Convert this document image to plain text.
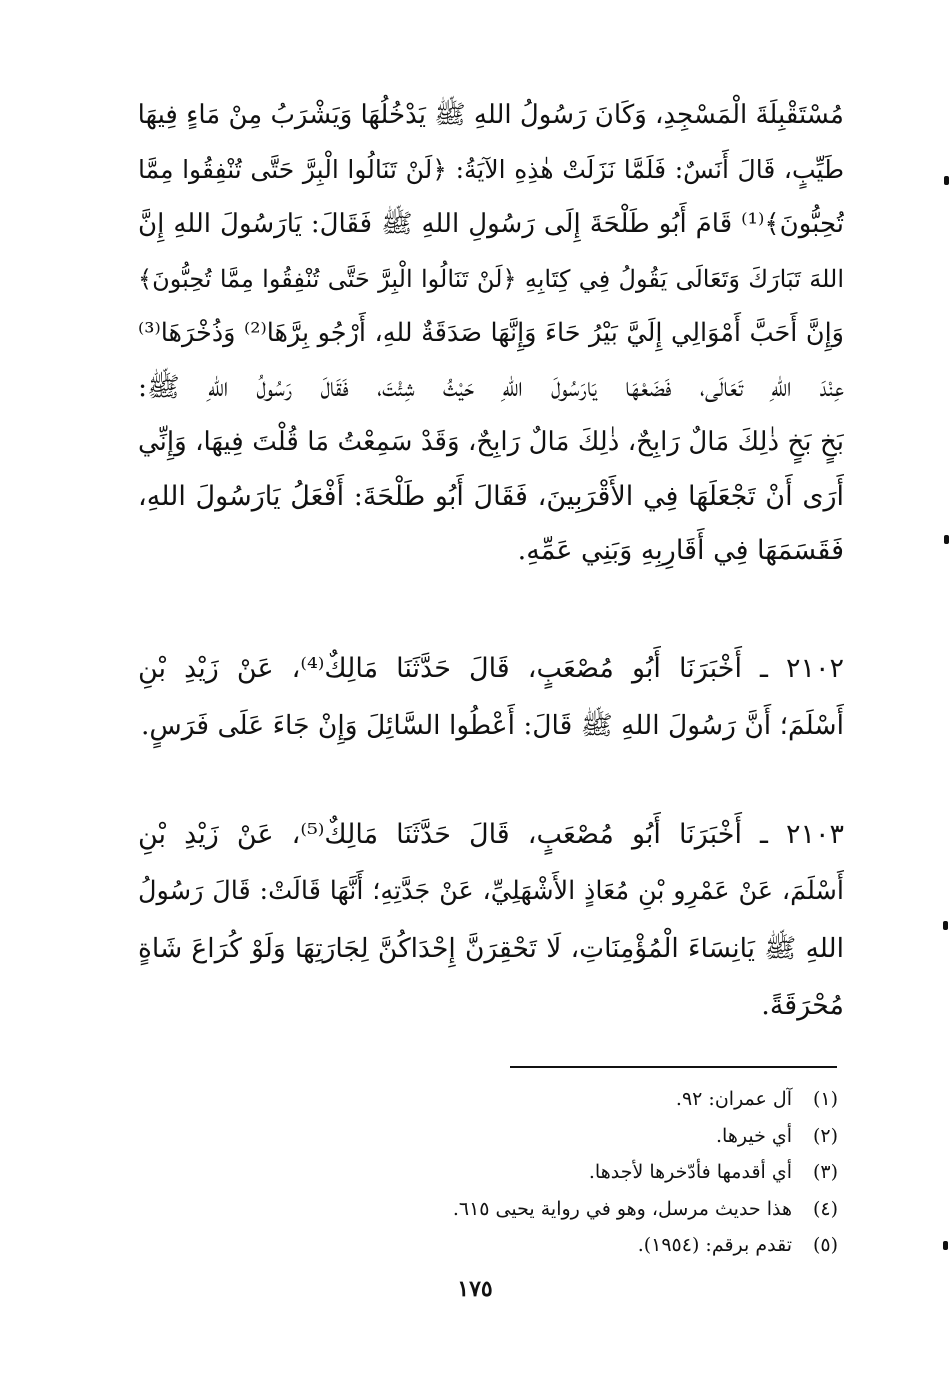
مُسْتَقْبِلَةَ الْمَسْجِدِ، وَكَانَ رَسُولُ اللهِ ﷺ يَدْخُلُهَا وَيَشْرَبُ مِنْ مَاءٍ فِيهَا
طَيِّبٍ، قَالَ أَنَسٌ: فَلَمَّا نَزَلَتْ هٰذِهِ الآيَةُ: ﴿لَنْ تَنَالُوا الْبِرَّ حَتَّى تُنْفِقُوا مِمَّا
تُحِبُّونَ﴾⁽¹⁾ قَامَ أَبُو طَلْحَةَ إِلَى رَسُولِ اللهِ ﷺ فَقَالَ: يَارَسُولَ اللهِ إِنَّ
اللهَ تَبَارَكَ وَتَعَالَى يَقُولُ فِي كِتَابِهِ ﴿لَنْ تَنَالُوا الْبِرَّ حَتَّى تُنْفِقُوا مِمَّا تُحِبُّونَ﴾
وَإِنَّ أَحَبَّ أَمْوَالِي إِلَيَّ بَيْرُ حَاءَ وَإِنَّهَا صَدَقَةٌ للهِ، أَرْجُو بِرَّهَا⁽²⁾ وَذُخْرَهَا⁽³⁾
عِنْدَ اللهِ تَعَالَى، فَضَعْهَا يَارَسُولَ اللهِ حَيْثُ شِئْتَ، فَقَالَ رَسُولُ اللهِ ﷺ:
بَخٍ بَخٍ ذٰلِكَ مَالٌ رَابِحٌ، ذٰلِكَ مَالٌ رَابِحٌ، وَقَدْ سَمِعْتُ مَا قُلْتَ فِيهَا، وَإِنِّي
أَرَى أَنْ تَجْعَلَهَا فِي الأَقْرَبِينَ، فَقَالَ أَبُو طَلْحَةَ: أَفْعَلُ يَارَسُولَ اللهِ،
فَقَسَمَهَا فِي أَقَارِبِهِ وَبَنِي عَمِّهِ.
٢١٠٢ ـ أَخْبَرَنَا أَبُو مُصْعَبٍ، قَالَ حَدَّثَنَا مَالِكٌ⁽⁴⁾، عَنْ زَيْدِ بْنِ
أَسْلَمَ؛ أَنَّ رَسُولَ اللهِ ﷺ قَالَ: أَعْطُوا السَّائِلَ وَإِنْ جَاءَ عَلَى فَرَسٍ.
٢١٠٣ ـ أَخْبَرَنَا أَبُو مُصْعَبٍ، قَالَ حَدَّثَنَا مَالِكٌ⁽⁵⁾، عَنْ زَيْدِ بْنِ
أَسْلَمَ، عَنْ عَمْرِو بْنِ مُعَاذٍ الأَشْهَلِيِّ، عَنْ جَدَّتِهِ؛ أَنَّهَا قَالَتْ: قَالَ رَسُولُ
اللهِ ﷺ يَانِسَاءَ الْمُؤْمِنَاتِ، لَا تَحْقِرَنَّ إِحْدَاكُنَّ لِجَارَتِهَا وَلَوْ كُرَاعَ شَاةٍ
مُحْرَقَةً.
(١)
آل عمران: ٩٢.
(٢)
أي خيرها.
(٣)
أي أقدمها فأدّخرها لأجدها.
(٤)
هذا حديث مرسل، وهو في رواية يحيى ٦١٥.
(٥)
تقدم برقم: (١٩٥٤).
١٧٥
